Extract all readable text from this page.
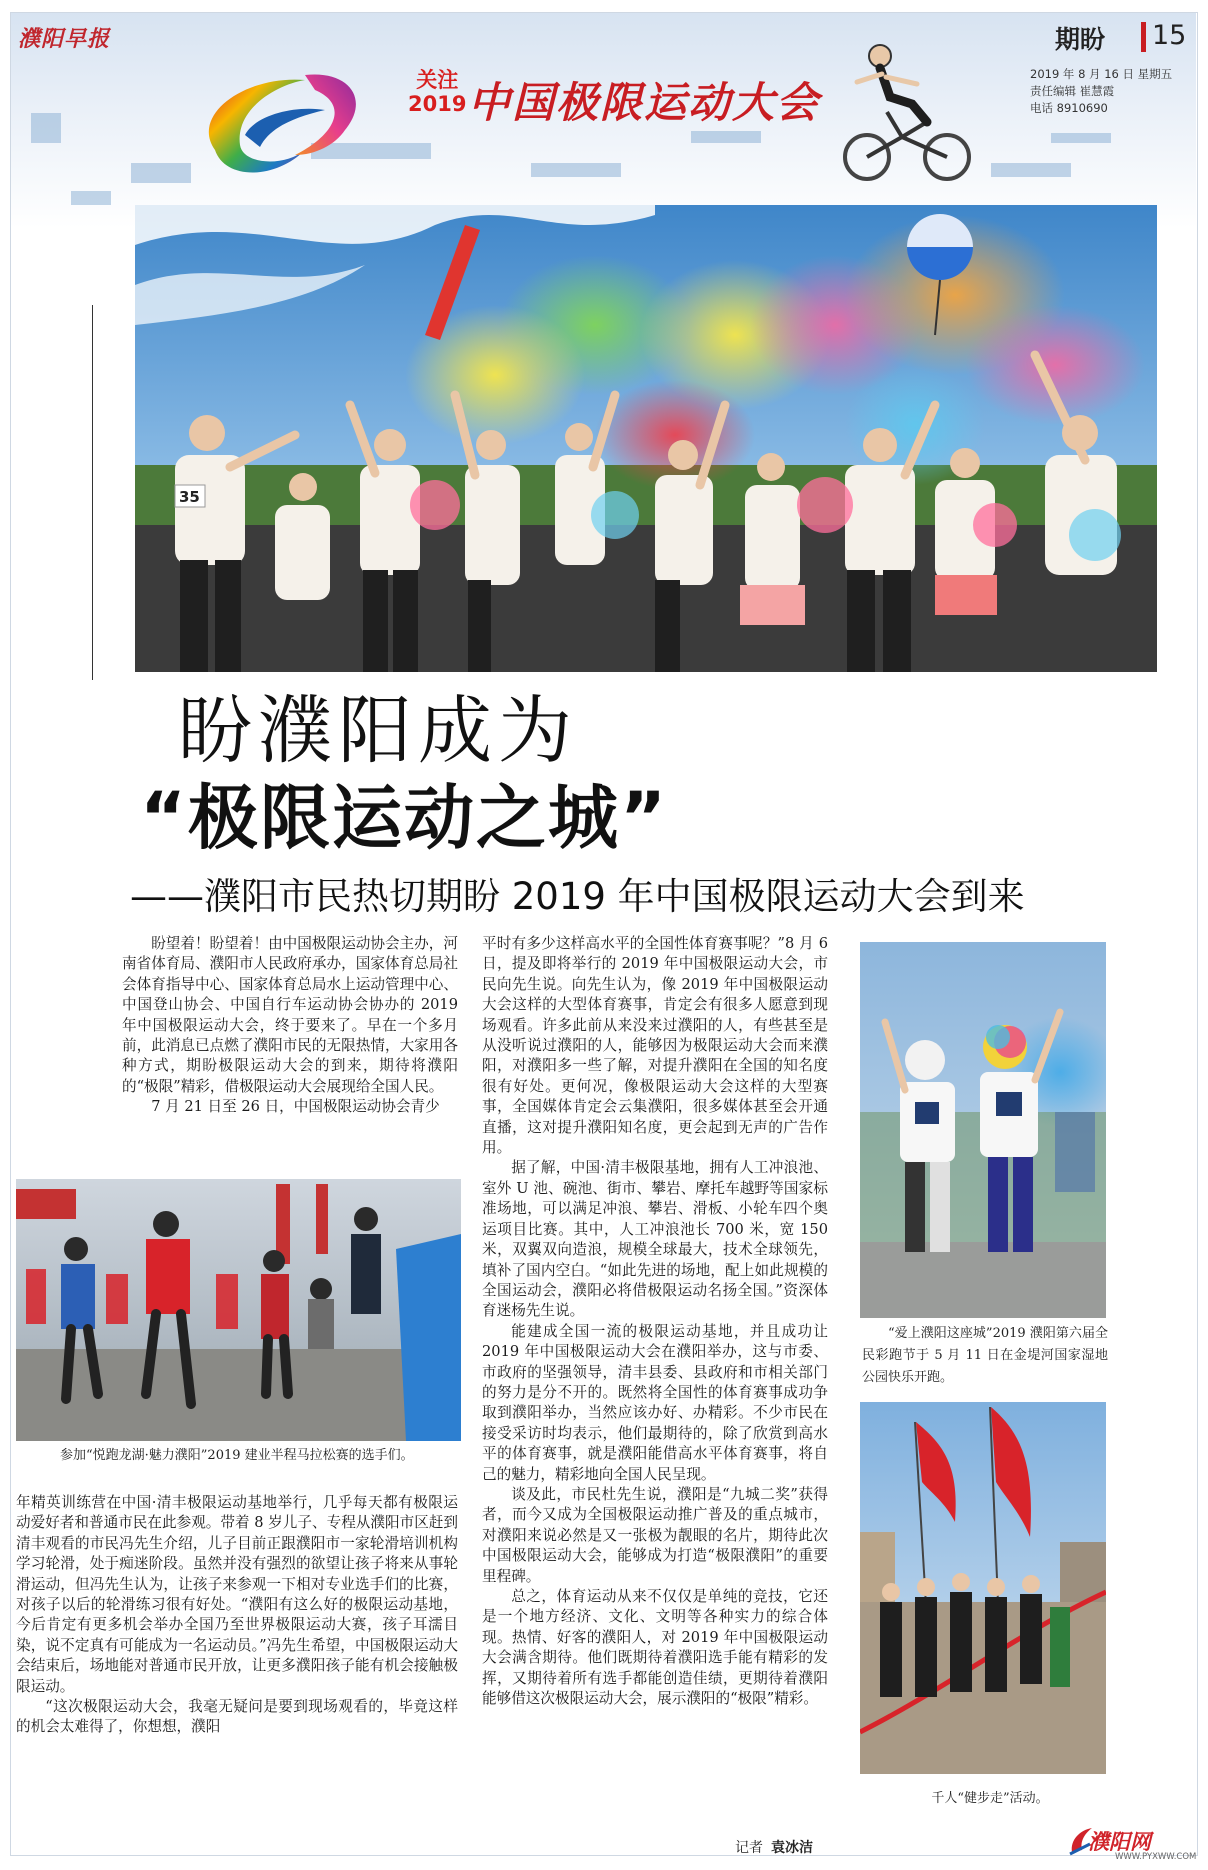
濮阳早报
关注
2019 中国极限运动大会
期盼 15
2019 年 8 月 16 日 星期五
责任编辑 崔慧霞
电话 8910690
35
盼濮阳成为
“极限运动之城”
——濮阳市民热切期盼 2019 年中国极限运动大会到来

盼望着！盼望着！由中国极限运动协会主办，河南省体育局、濮阳市人民政府承办，国家体育总局社会体育指导中心、国家体育总局水上运动管理中心、中国登山协会、中国自行车运动协会协办的 2019 年中国极限运动大会，终于要来了。早在一个多月前，此消息已点燃了濮阳市民的无限热情，大家用各种方式，期盼极限运动大会的到来，期待将濮阳的“极限”精彩，借极限运动大会展现给全国人民。

7 月 21 日至 26 日，中国极限运动协会青少

参加“悦跑龙湖·魅力濮阳”2019 建业半程马拉松赛的选手们。

年精英训练营在中国·清丰极限运动基地举行，几乎每天都有极限运动爱好者和普通市民在此参观。带着 8 岁儿子、专程从濮阳市区赶到清丰观看的市民冯先生介绍，儿子目前正跟濮阳市一家轮滑培训机构学习轮滑，处于痴迷阶段。虽然并没有强烈的欲望让孩子将来从事轮滑运动，但冯先生认为，让孩子来参观一下相对专业选手们的比赛，对孩子以后的轮滑练习很有好处。“濮阳有这么好的极限运动基地，今后肯定有更多机会举办全国乃至世界极限运动大赛，孩子耳濡目染，说不定真有可能成为一名运动员。”冯先生希望，中国极限运动大会结束后，场地能对普通市民开放，让更多濮阳孩子能有机会接触极限运动。

“这次极限运动大会，我毫无疑问是要到现场观看的，毕竟这样的机会太难得了，你想想，濮阳

平时有多少这样高水平的全国性体育赛事呢？”8 月 6 日，提及即将举行的 2019 年中国极限运动大会，市民向先生说。向先生认为，像 2019 年中国极限运动大会这样的大型体育赛事，肯定会有很多人愿意到现场观看。许多此前从来没来过濮阳的人，有些甚至是从没听说过濮阳的人，能够因为极限运动大会而来濮阳，对濮阳多一些了解，对提升濮阳在全国的知名度很有好处。更何况，像极限运动大会这样的大型赛事，全国媒体肯定会云集濮阳，很多媒体甚至会开通直播，这对提升濮阳知名度，更会起到无声的广告作用。

据了解，中国·清丰极限基地，拥有人工冲浪池、室外 U 池、碗池、街市、攀岩、摩托车越野等国家标准场地，可以满足冲浪、攀岩、滑板、小轮车四个奥运项目比赛。其中，人工冲浪池长 700 米，宽 150 米，双翼双向造浪，规模全球最大，技术全球领先，填补了国内空白。“如此先进的场地，配上如此规模的全国运动会，濮阳必将借极限运动名扬全国。”资深体育迷杨先生说。

能建成全国一流的极限运动基地，并且成功让 2019 年中国极限运动大会在濮阳举办，这与市委、市政府的坚强领导，清丰县委、县政府和市相关部门的努力是分不开的。既然将全国性的体育赛事成功争取到濮阳举办，当然应该办好、办精彩。不少市民在接受采访时均表示，他们最期待的，除了欣赏到高水平的体育赛事，就是濮阳能借高水平体育赛事，将自己的魅力，精彩地向全国人民呈现。

谈及此，市民杜先生说，濮阳是“九城二奖”获得者，而今又成为全国极限运动推广普及的重点城市，对濮阳来说必然是又一张极为靓眼的名片，期待此次中国极限运动大会，能够成为打造“极限濮阳”的重要里程碑。

总之，体育运动从来不仅仅是单纯的竞技，它还是一个地方经济、文化、文明等各种实力的综合体现。热情、好客的濮阳人，对 2019 年中国极限运动大会满含期待。他们既期待着濮阳选手能有精彩的发挥，又期待着所有选手都能创造佳绩，更期待着濮阳能够借这次极限运动大会，展示濮阳的“极限”精彩。

记者 袁冰洁
“爱上濮阳这座城”2019 濮阳第六届全民彩跑节于 5 月 11 日在金堤河国家湿地公园快乐开跑。
千人“健步走”活动。
濮阳网
WWW.PYXWW.COM
